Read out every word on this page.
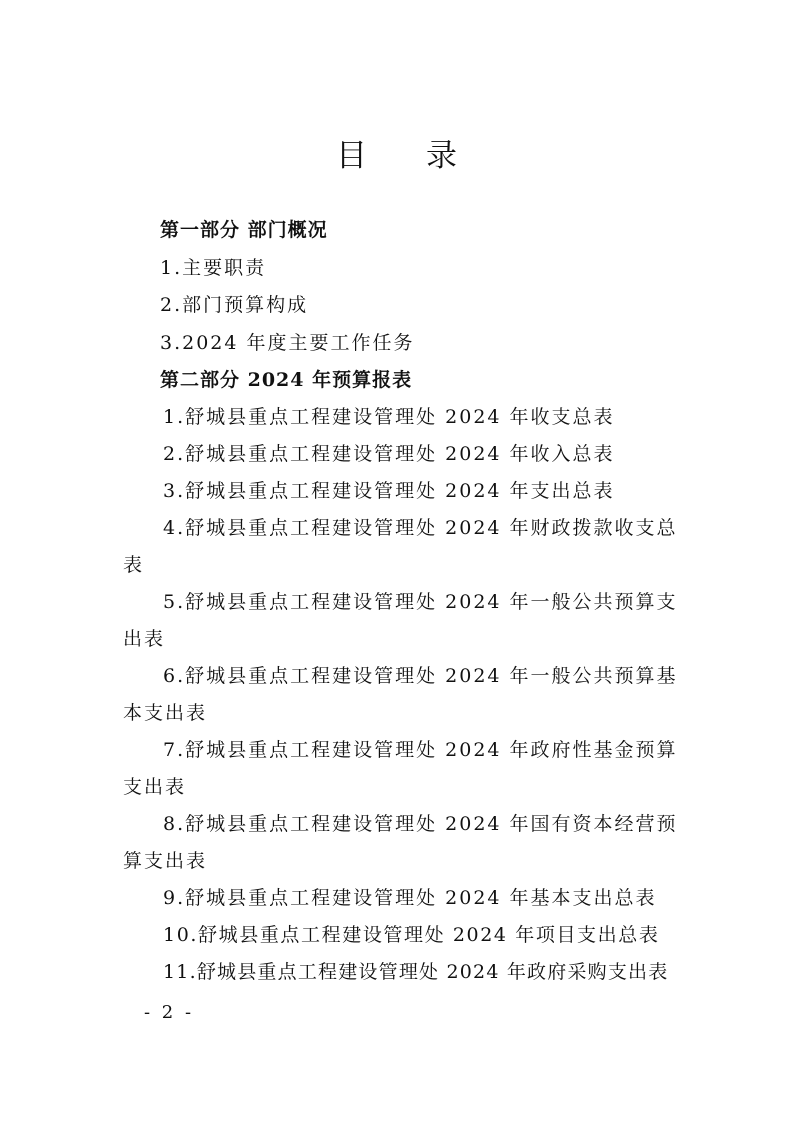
目      录
第一部分 部门概况
1.主要职责
2.部门预算构成
3.2024 年度主要工作任务
第二部分 2024 年预算报表
1.舒城县重点工程建设管理处 2024 年收支总表
2.舒城县重点工程建设管理处 2024 年收入总表
3.舒城县重点工程建设管理处 2024 年支出总表
4.舒城县重点工程建设管理处 2024 年财政拨款收支总
表
5.舒城县重点工程建设管理处 2024 年一般公共预算支
出表
6.舒城县重点工程建设管理处 2024 年一般公共预算基
本支出表
7.舒城县重点工程建设管理处 2024 年政府性基金预算
支出表
8.舒城县重点工程建设管理处 2024 年国有资本经营预
算支出表
9.舒城县重点工程建设管理处 2024 年基本支出总表
10.舒城县重点工程建设管理处 2024 年项目支出总表
11.舒城县重点工程建设管理处 2024 年政府采购支出表
- 2 -
